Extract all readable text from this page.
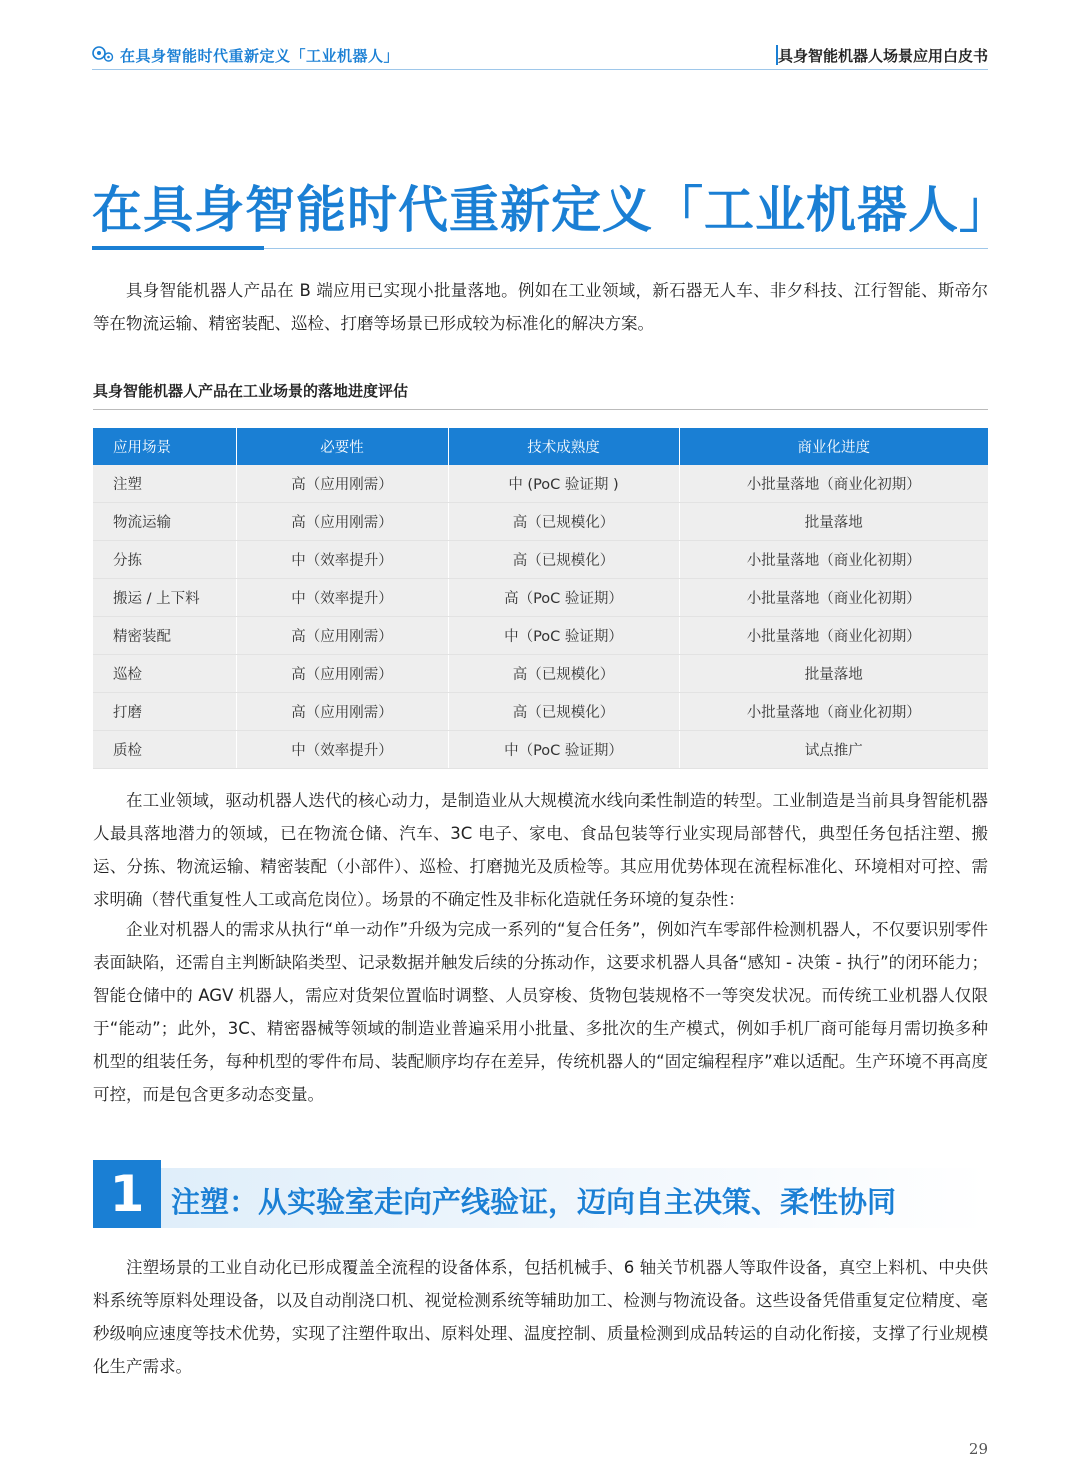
在具身智能时代重新定义「工业机器人」	具身智能机器人场景应用白皮书
在具身智能时代重新定义「工业机器人」

具身智能机器人产品在 B 端应用已实现小批量落地。例如在工业领域，新石器无人车、非夕科技、江行智能、斯帝尔等在物流运输、精密装配、巡检、打磨等场景已形成较为标准化的解决方案。

具身智能机器人产品在工业场景的落地进度评估
应用场景	必要性	技术成熟度	商业化进度
注塑	高（应用刚需）	中 (PoC 验证期 )	小批量落地（商业化初期）
物流运输	高（应用刚需）	高（已规模化）	批量落地
分拣	中（效率提升）	高（已规模化）	小批量落地（商业化初期）
搬运 / 上下料	中（效率提升）	高（PoC 验证期）	小批量落地（商业化初期）
精密装配	高（应用刚需）	中（PoC 验证期）	小批量落地（商业化初期）
巡检	高（应用刚需）	高（已规模化）	批量落地
打磨	高（应用刚需）	高（已规模化）	小批量落地（商业化初期）
质检	中（效率提升）	中（PoC 验证期）	试点推广

在工业领域，驱动机器人迭代的核心动力，是制造业从大规模流水线向柔性制造的转型。工业制造是当前具身智能机器人最具落地潜力的领域，已在物流仓储、汽车、3C 电子、家电、食品包装等行业实现局部替代，典型任务包括注塑、搬运、分拣、物流运输、精密装配（小部件）、巡检、打磨抛光及质检等。其应用优势体现在流程标准化、环境相对可控、需求明确（替代重复性人工或高危岗位）。场景的不确定性及非标化造就任务环境的复杂性：

企业对机器人的需求从执行“单一动作”升级为完成一系列的“复合任务”，例如汽车零部件检测机器人，不仅要识别零件表面缺陷，还需自主判断缺陷类型、记录数据并触发后续的分拣动作，这要求机器人具备“感知 - 决策 - 执行”的闭环能力；智能仓储中的 AGV 机器人，需应对货架位置临时调整、人员穿梭、货物包装规格不一等突发状况。而传统工业机器人仅限于“能动”；此外，3C、精密器械等领域的制造业普遍采用小批量、多批次的生产模式，例如手机厂商可能每月需切换多种机型的组装任务，每种机型的零件布局、装配顺序均存在差异，传统机器人的“固定编程程序”难以适配。生产环境不再高度可控，而是包含更多动态变量。

1 注塑：从实验室走向产线验证，迈向自主决策、柔性协同

注塑场景的工业自动化已形成覆盖全流程的设备体系，包括机械手、6 轴关节机器人等取件设备，真空上料机、中央供料系统等原料处理设备，以及自动削浇口机、视觉检测系统等辅助加工、检测与物流设备。这些设备凭借重复定位精度、毫秒级响应速度等技术优势，实现了注塑件取出、原料处理、温度控制、质量检测到成品转运的自动化衔接，支撑了行业规模化生产需求。

29
